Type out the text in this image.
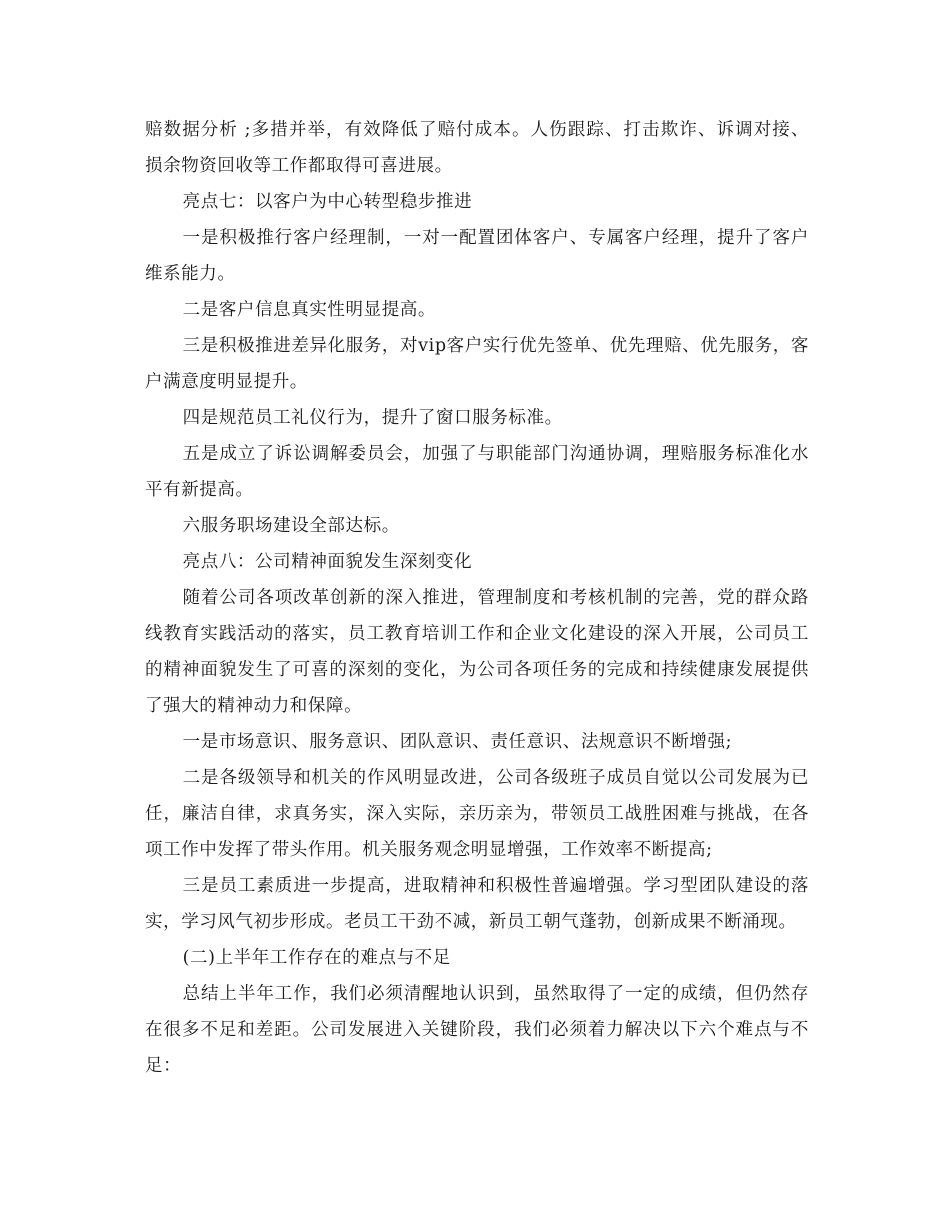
赔数据分析 ;多措并举，有效降低了赔付成本。人伤跟踪、打击欺诈、诉调对接、损余物资回收等工作都取得可喜进展。

亮点七：以客户为中心转型稳步推进

一是积极推行客户经理制，一对一配置团体客户、专属客户经理，提升了客户维系能力。

二是客户信息真实性明显提高。

三是积极推进差异化服务，对vip客户实行优先签单、优先理赔、优先服务，客户满意度明显提升。

四是规范员工礼仪行为，提升了窗口服务标准。

五是成立了诉讼调解委员会，加强了与职能部门沟通协调，理赔服务标准化水平有新提高。

六服务职场建设全部达标。

亮点八：公司精神面貌发生深刻变化

随着公司各项改革创新的深入推进，管理制度和考核机制的完善，党的群众路线教育实践活动的落实，员工教育培训工作和企业文化建设的深入开展，公司员工的精神面貌发生了可喜的深刻的变化，为公司各项任务的完成和持续健康发展提供了强大的精神动力和保障。

一是市场意识、服务意识、团队意识、责任意识、法规意识不断增强;

二是各级领导和机关的作风明显改进，公司各级班子成员自觉以公司发展为已任，廉洁自律，求真务实，深入实际，亲历亲为，带领员工战胜困难与挑战，在各项工作中发挥了带头作用。机关服务观念明显增强，工作效率不断提高;

三是员工素质进一步提高，进取精神和积极性普遍增强。学习型团队建设的落实，学习风气初步形成。老员工干劲不减，新员工朝气蓬勃，创新成果不断涌现。

(二)上半年工作存在的难点与不足

总结上半年工作，我们必须清醒地认识到，虽然取得了一定的成绩，但仍然存在很多不足和差距。公司发展进入关键阶段，我们必须着力解决以下六个难点与不足：
